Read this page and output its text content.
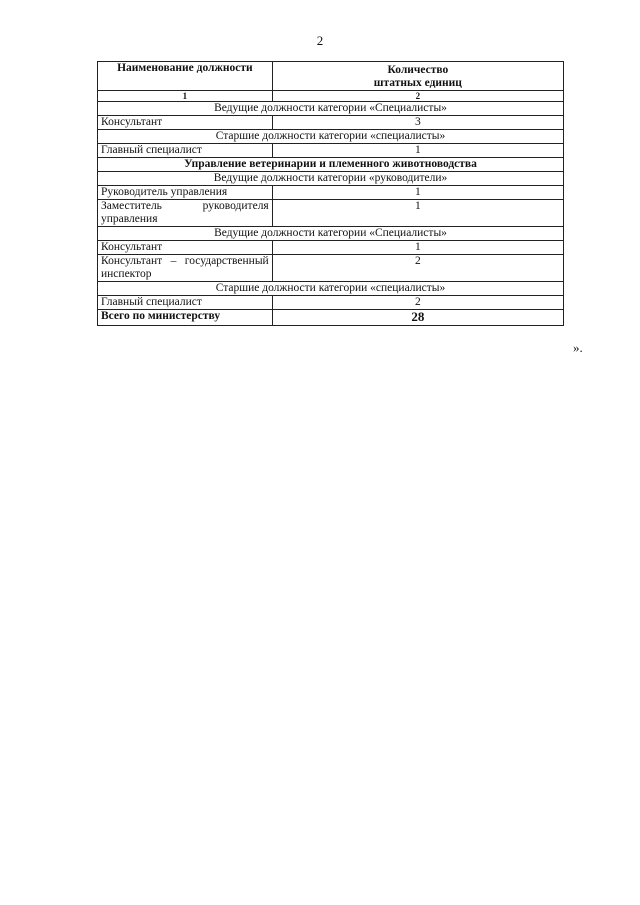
2
Наименование должности	Количество
штатных единиц

1	2
Ведущие должности категории «Специалисты»	
Консультант	3
Старшие должности категории «специалисты»	
Главный специалист	1
Управление ветеринарии и племенного животноводства	
Ведущие должности категории «руководители»	
Руководитель управления	1
Заместитель руководителя управления	1
Ведущие должности категории «Специалисты»	
Консультант	1
Консультант – государственный инспектор	2
Старшие должности категории «специалисты»	
Главный специалист	2
Всего по министерству	28
».
